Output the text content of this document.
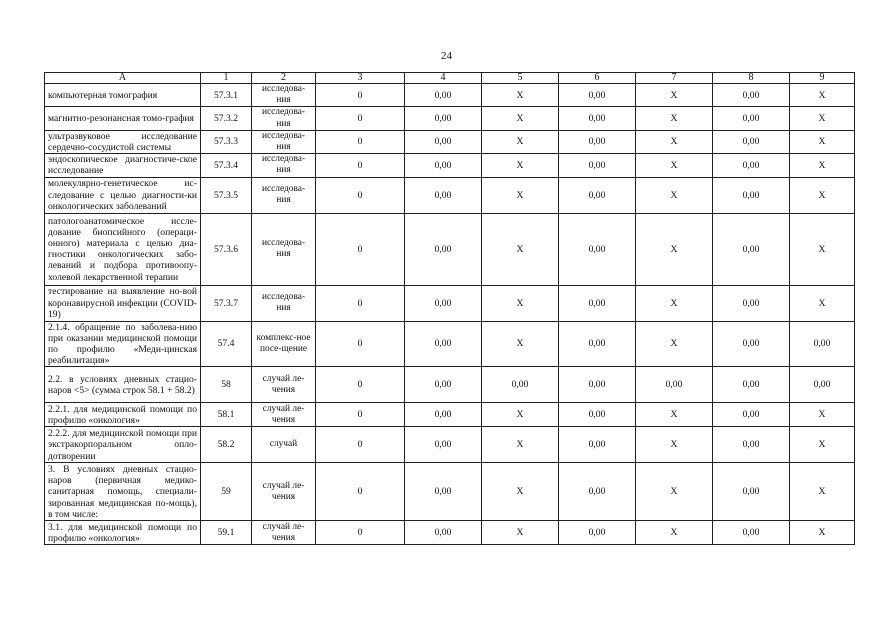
24
A	1	2	3	4	5	6	7	8	9
компьютерная томография	57.3.1	исследова-ния	0	0,00	X	0,00	X	0,00	X
магнитно-резонансная томо-графия	57.3.2	исследова-ния	0	0,00	X	0,00	X	0,00	X
ультразвуковое исследование сердечно-сосудистой системы	57.3.3	исследова-ния	0	0,00	X	0,00	X	0,00	X
эндоскопическое диагностиче-ское исследование	57.3.4	исследова-ния	0	0,00	X	0,00	X	0,00	X
молекулярно-генетическое ис-следование с целью диагности-ки онкологических заболеваний	57.3.5	исследова-ния	0	0,00	X	0,00	X	0,00	X
патологоанатомическое иссле-дование биопсийного (операци-онного) материала с целью диа-гностики онкологических забо-леваний и подбора противоопу-холевой лекарственной терапии	57.3.6	исследова-ния	0	0,00	X	0,00	X	0,00	X
тестирование на выявление но-вой коронавирусной инфекции (COVID-19)	57.3.7	исследова-ния	0	0,00	X	0,00	X	0,00	X
2.1.4. обращение по заболева-нию при оказании медицинской помощи по профилю «Меди-цинская реабилитация»	57.4	комплекс-ное посе-щение	0	0,00	X	0,00	X	0,00	0,00
2.2. в условиях дневных стацио-наров <5> (сумма строк 58.1 + 58.2)	58	случай ле-чения	0	0,00	0,00	0,00	0,00	0,00	0,00
2.2.1. для медицинской помощи по профилю «онкология»	58.1	случай ле-чения	0	0,00	X	0,00	X	0,00	X
2.2.2. для медицинской помощи при экстракорпоральном опло-дотворении	58.2	случай	0	0,00	X	0,00	X	0,00	X
3. В условиях дневных стацио-наров (первичная медико-санитарная помощь, специали-зированная медицинская по-мощь), в том числе:	59	случай ле-чения	0	0,00	X	0,00	X	0,00	X
3.1. для медицинской помощи по профилю «онкология»	59.1	случай ле-чения	0	0,00	X	0,00	X	0,00	X
